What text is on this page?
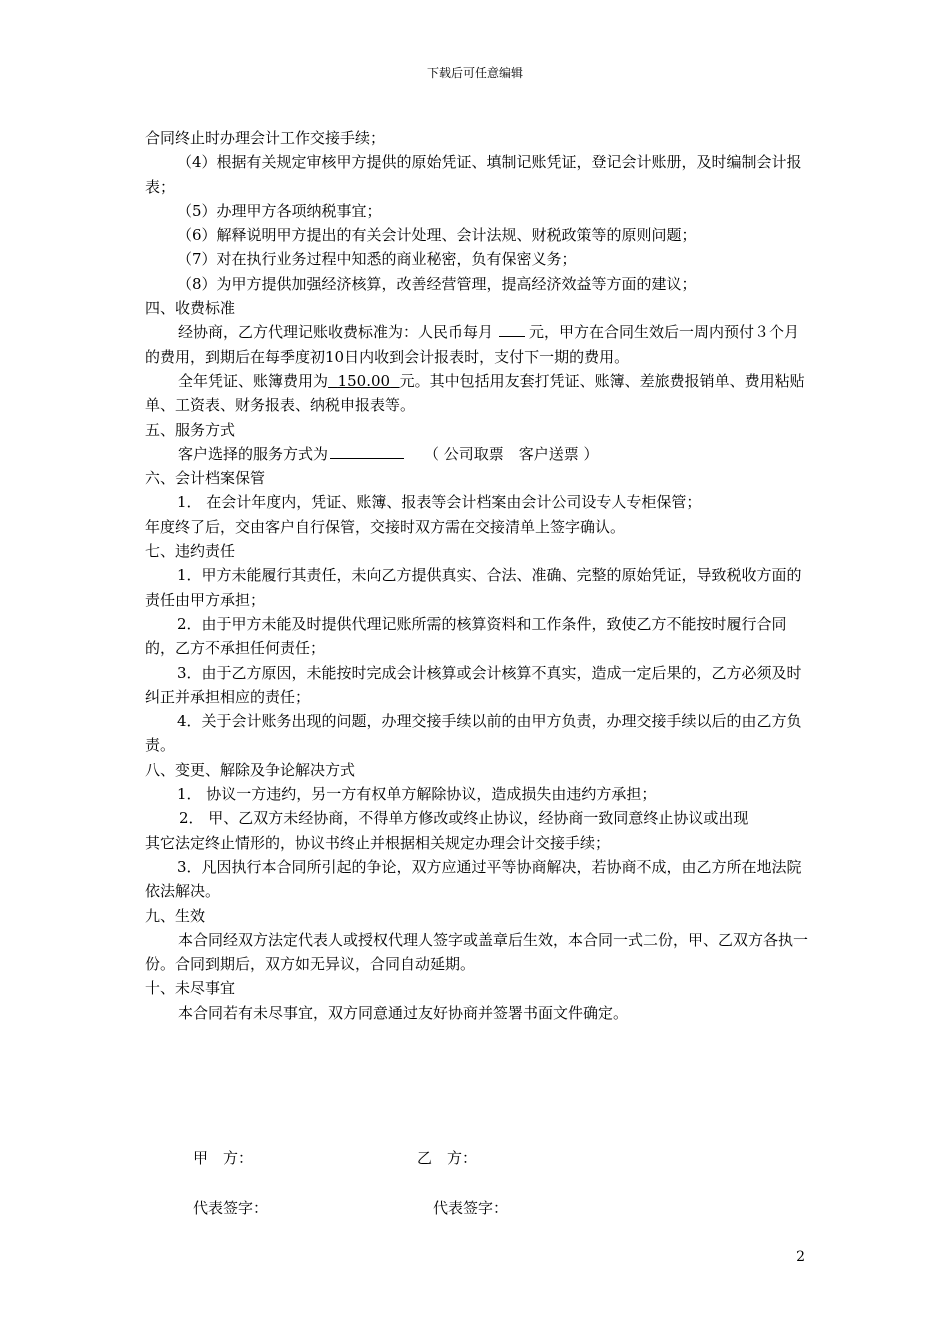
下载后可任意编辑

合同终止时办理会计工作交接手续；

（4）根据有关规定审核甲方提供的原始凭证、填制记账凭证，登记会计账册，及时编制会计报表；

（5）办理甲方各项纳税事宜；

（6）解释说明甲方提出的有关会计处理、会计法规、财税政策等的原则问题；

（7）对在执行业务过程中知悉的商业秘密，负有保密义务；

（8）为甲方提供加强经济核算，改善经营管理，提高经济效益等方面的建议；

四、收费标准

经协商，乙方代理记账收费标准为：人民币每月 元，甲方在合同生效后一周内预付３个月的费用，到期后在每季度初10日内收到会计报表时，支付下一期的费用。

全年凭证、账簿费用为 150.00 元。其中包括用友套打凭证、账簿、差旅费报销单、费用粘贴单、工资表、财务报表、纳税申报表等。

五、服务方式

客户选择的服务方式为	（ 公司取票　客户送票 ）

六、会计档案保管

1． 在会计年度内，凭证、账簿、报表等会计档案由会计公司设专人专柜保管；

年度终了后，交由客户自行保管，交接时双方需在交接清单上签字确认。

七、违约责任

1．甲方未能履行其责任，未向乙方提供真实、合法、准确、完整的原始凭证，导致税收方面的责任由甲方承担；

2．由于甲方未能及时提供代理记账所需的核算资料和工作条件，致使乙方不能按时履行合同的，乙方不承担任何责任；

3．由于乙方原因，未能按时完成会计核算或会计核算不真实，造成一定后果的，乙方必须及时纠正并承担相应的责任；

4．关于会计账务出现的问题，办理交接手续以前的由甲方负责，办理交接手续以后的由乙方负责。

八、变更、解除及争论解决方式

1． 协议一方违约，另一方有权单方解除协议，造成损失由违约方承担；

2． 甲、乙双方未经协商，不得单方修改或终止协议，经协商一致同意终止协议或出现

其它法定终止情形的，协议书终止并根据相关规定办理会计交接手续；

3．凡因执行本合同所引起的争论，双方应通过平等协商解决，若协商不成，由乙方所在地法院依法解决。

九、生效

本合同经双方法定代表人或授权代理人签字或盖章后生效，本合同一式二份，甲、乙双方各执一份。合同到期后，双方如无异议，合同自动延期。

十、未尽事宜

本合同若有未尽事宜，双方同意通过友好协商并签署书面文件确定。

甲　方：	乙　方：
代表签字：	代表签字：
2
